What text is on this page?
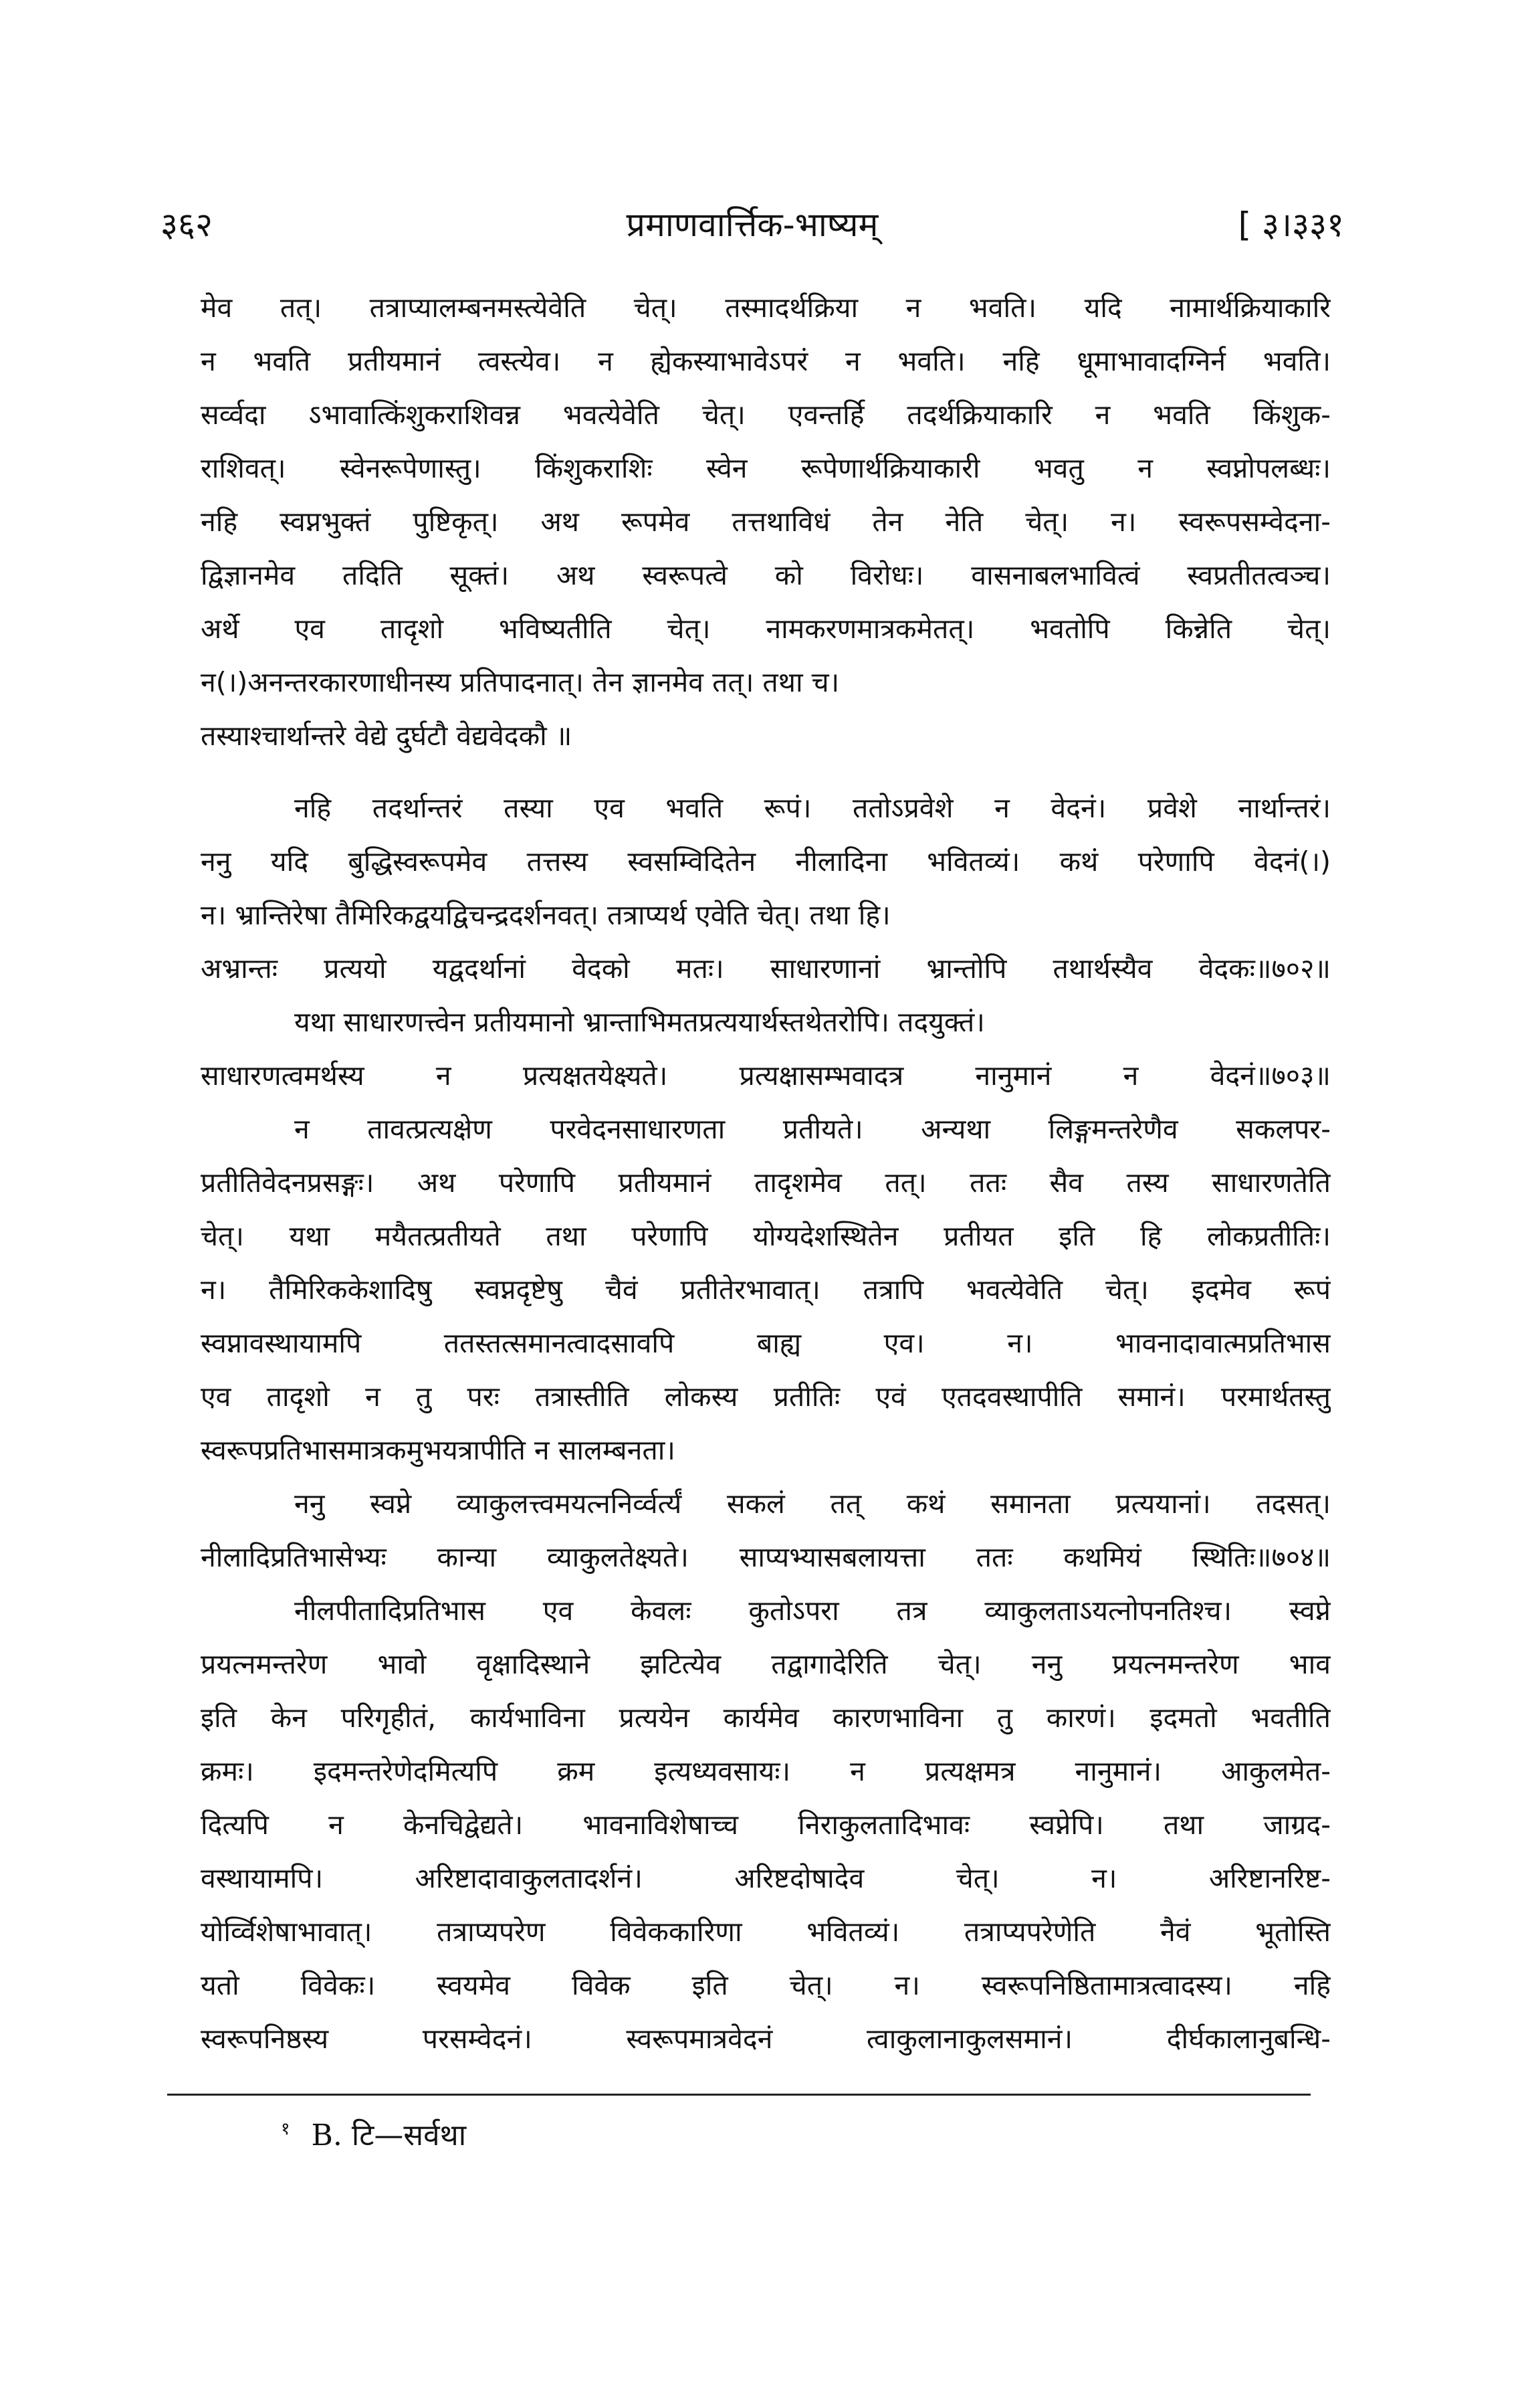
३६२	प्रमाणवार्त्तिक-भाष्यम्	[ ३।३३१
मेव तत्। तत्राप्यालम्बनमस्त्येवेति चेत्। तस्मादर्थक्रिया न भवति। यदि नामार्थक्रियाकारि
न भवति प्रतीयमानं त्वस्त्येव। न ह्येकस्याभावेऽपरं न भवति। नहि धूमाभावादग्निर्न भवति।
सर्व्वदा ऽभावात्किंशुकराशिवन्न भवत्येवेति चेत्। एवन्तर्हि तदर्थक्रियाकारि न भवति किंशुक-
राशिवत्। स्वेनरूपेणास्तु। किंशुकराशिः स्वेन रूपेणार्थक्रियाकारी भवतु न स्वप्नोपलब्धः।
नहि स्वप्नभुक्तं पुष्टिकृत्। अथ रूपमेव तत्तथाविधं तेन नेति चेत्। न। स्वरूपसम्वेदना-
द्विज्ञानमेव तदिति सूक्तं। अथ स्वरूपत्वे को विरोधः। वासनाबलभावित्वं स्वप्रतीतत्वञ्च।
अर्थे एव तादृशो भविष्यतीति चेत्। नामकरणमात्रकमेतत्। भवतोपि किन्नेति चेत्।
न(।)अनन्तरकारणाधीनस्य प्रतिपादनात्। तेन ज्ञानमेव तत्। तथा च।
तस्याश्चार्थान्तरे वेद्ये दुर्घटौ वेद्यवेदकौ ॥
नहि तदर्थान्तरं तस्या एव भवति रूपं। ततोऽप्रवेशे न वेदनं। प्रवेशे नार्थान्तरं।
ननु यदि बुद्धिस्वरूपमेव तत्तस्य स्वसम्विदितेन नीलादिना भवितव्यं। कथं परेणापि वेदनं(।)
न। भ्रान्तिरेषा तैमिरिकद्वयद्विचन्द्रदर्शनवत्। तत्राप्यर्थ एवेति चेत्। तथा हि।
अभ्रान्तः प्रत्ययो यद्वदर्थानां वेदको मतः। साधारणानां भ्रान्तोपि तथार्थस्यैव वेदकः॥७०२॥
यथा साधारणत्त्वेन प्रतीयमानो भ्रान्ताभिमतप्रत्ययार्थस्तथेतरोपि। तदयुक्तं।
साधारणत्वमर्थस्य न प्रत्यक्षतयेक्ष्यते। प्रत्यक्षासम्भवादत्र नानुमानं न वेदनं॥७०३॥
न तावत्प्रत्यक्षेण परवेदनसाधारणता प्रतीयते। अन्यथा लिङ्गमन्तरेणैव सकलपर-
प्रतीतिवेदनप्रसङ्गः। अथ परेणापि प्रतीयमानं तादृशमेव तत्। ततः सैव तस्य साधारणतेति
चेत्। यथा मयैतत्प्रतीयते तथा परेणापि योग्यदेशस्थितेन प्रतीयत इति हि लोकप्रतीतिः।
न। तैमिरिककेशादिषु स्वप्नदृष्टेषु चैवं प्रतीतेरभावात्। तत्रापि भवत्येवेति चेत्। इदमेव रूपं
स्वप्नावस्थायामपि ततस्तत्समानत्वादसावपि बाह्य एव। न। भावनादावात्मप्रतिभास
एव तादृशो न तु परः तत्रास्तीति लोकस्य प्रतीतिः एवं एतदवस्थापीति समानं। परमार्थतस्तु
स्वरूपप्रतिभासमात्रकमुभयत्रापीति न सालम्बनता।
ननु स्वप्ने व्याकुलत्त्वमयत्ननिर्व्वर्त्यं सकलं तत् कथं समानता प्रत्ययानां। तदसत्।
नीलादिप्रतिभासेभ्यः कान्या व्याकुलतेक्ष्यते। साप्यभ्यासबलायत्ता ततः कथमियं स्थितिः॥७०४॥
नीलपीतादिप्रतिभास एव केवलः कुतोऽपरा तत्र व्याकुलताऽयत्नोपनतिश्च। स्वप्ने
प्रयत्नमन्तरेण भावो वृक्षादिस्थाने झटित्येव तद्वागादेरिति चेत्। ननु प्रयत्नमन्तरेण भाव
इति केन परिगृहीतं, कार्यभाविना प्रत्ययेन कार्यमेव कारणभाविना तु कारणं। इदमतो भवतीति
क्रमः। इदमन्तरेणेदमित्यपि क्रम इत्यध्यवसायः। न प्रत्यक्षमत्र नानुमानं। आकुलमेत-
दित्यपि न केनचिद्वेद्यते। भावनाविशेषाच्च निराकुलतादिभावः स्वप्नेपि। तथा जाग्रद-
वस्थायामपि। अरिष्टादावाकुलतादर्शनं। अरिष्टदोषादेव चेत्। न। अरिष्टानरिष्ट-
योर्व्विशेषाभावात्। तत्राप्यपरेण विवेककारिणा भवितव्यं। तत्राप्यपरेणेति नैवं भूतोस्ति
यतो विवेकः। स्वयमेव विवेक इति चेत्। न। स्वरूपनिष्ठितामात्रत्वादस्य। नहि
स्वरूपनिष्ठस्य परसम्वेदनं। स्वरूपमात्रवेदनं त्वाकुलानाकुलसमानं। दीर्घकालानुबन्धि-
$^१$ B. टि—सर्वथा
